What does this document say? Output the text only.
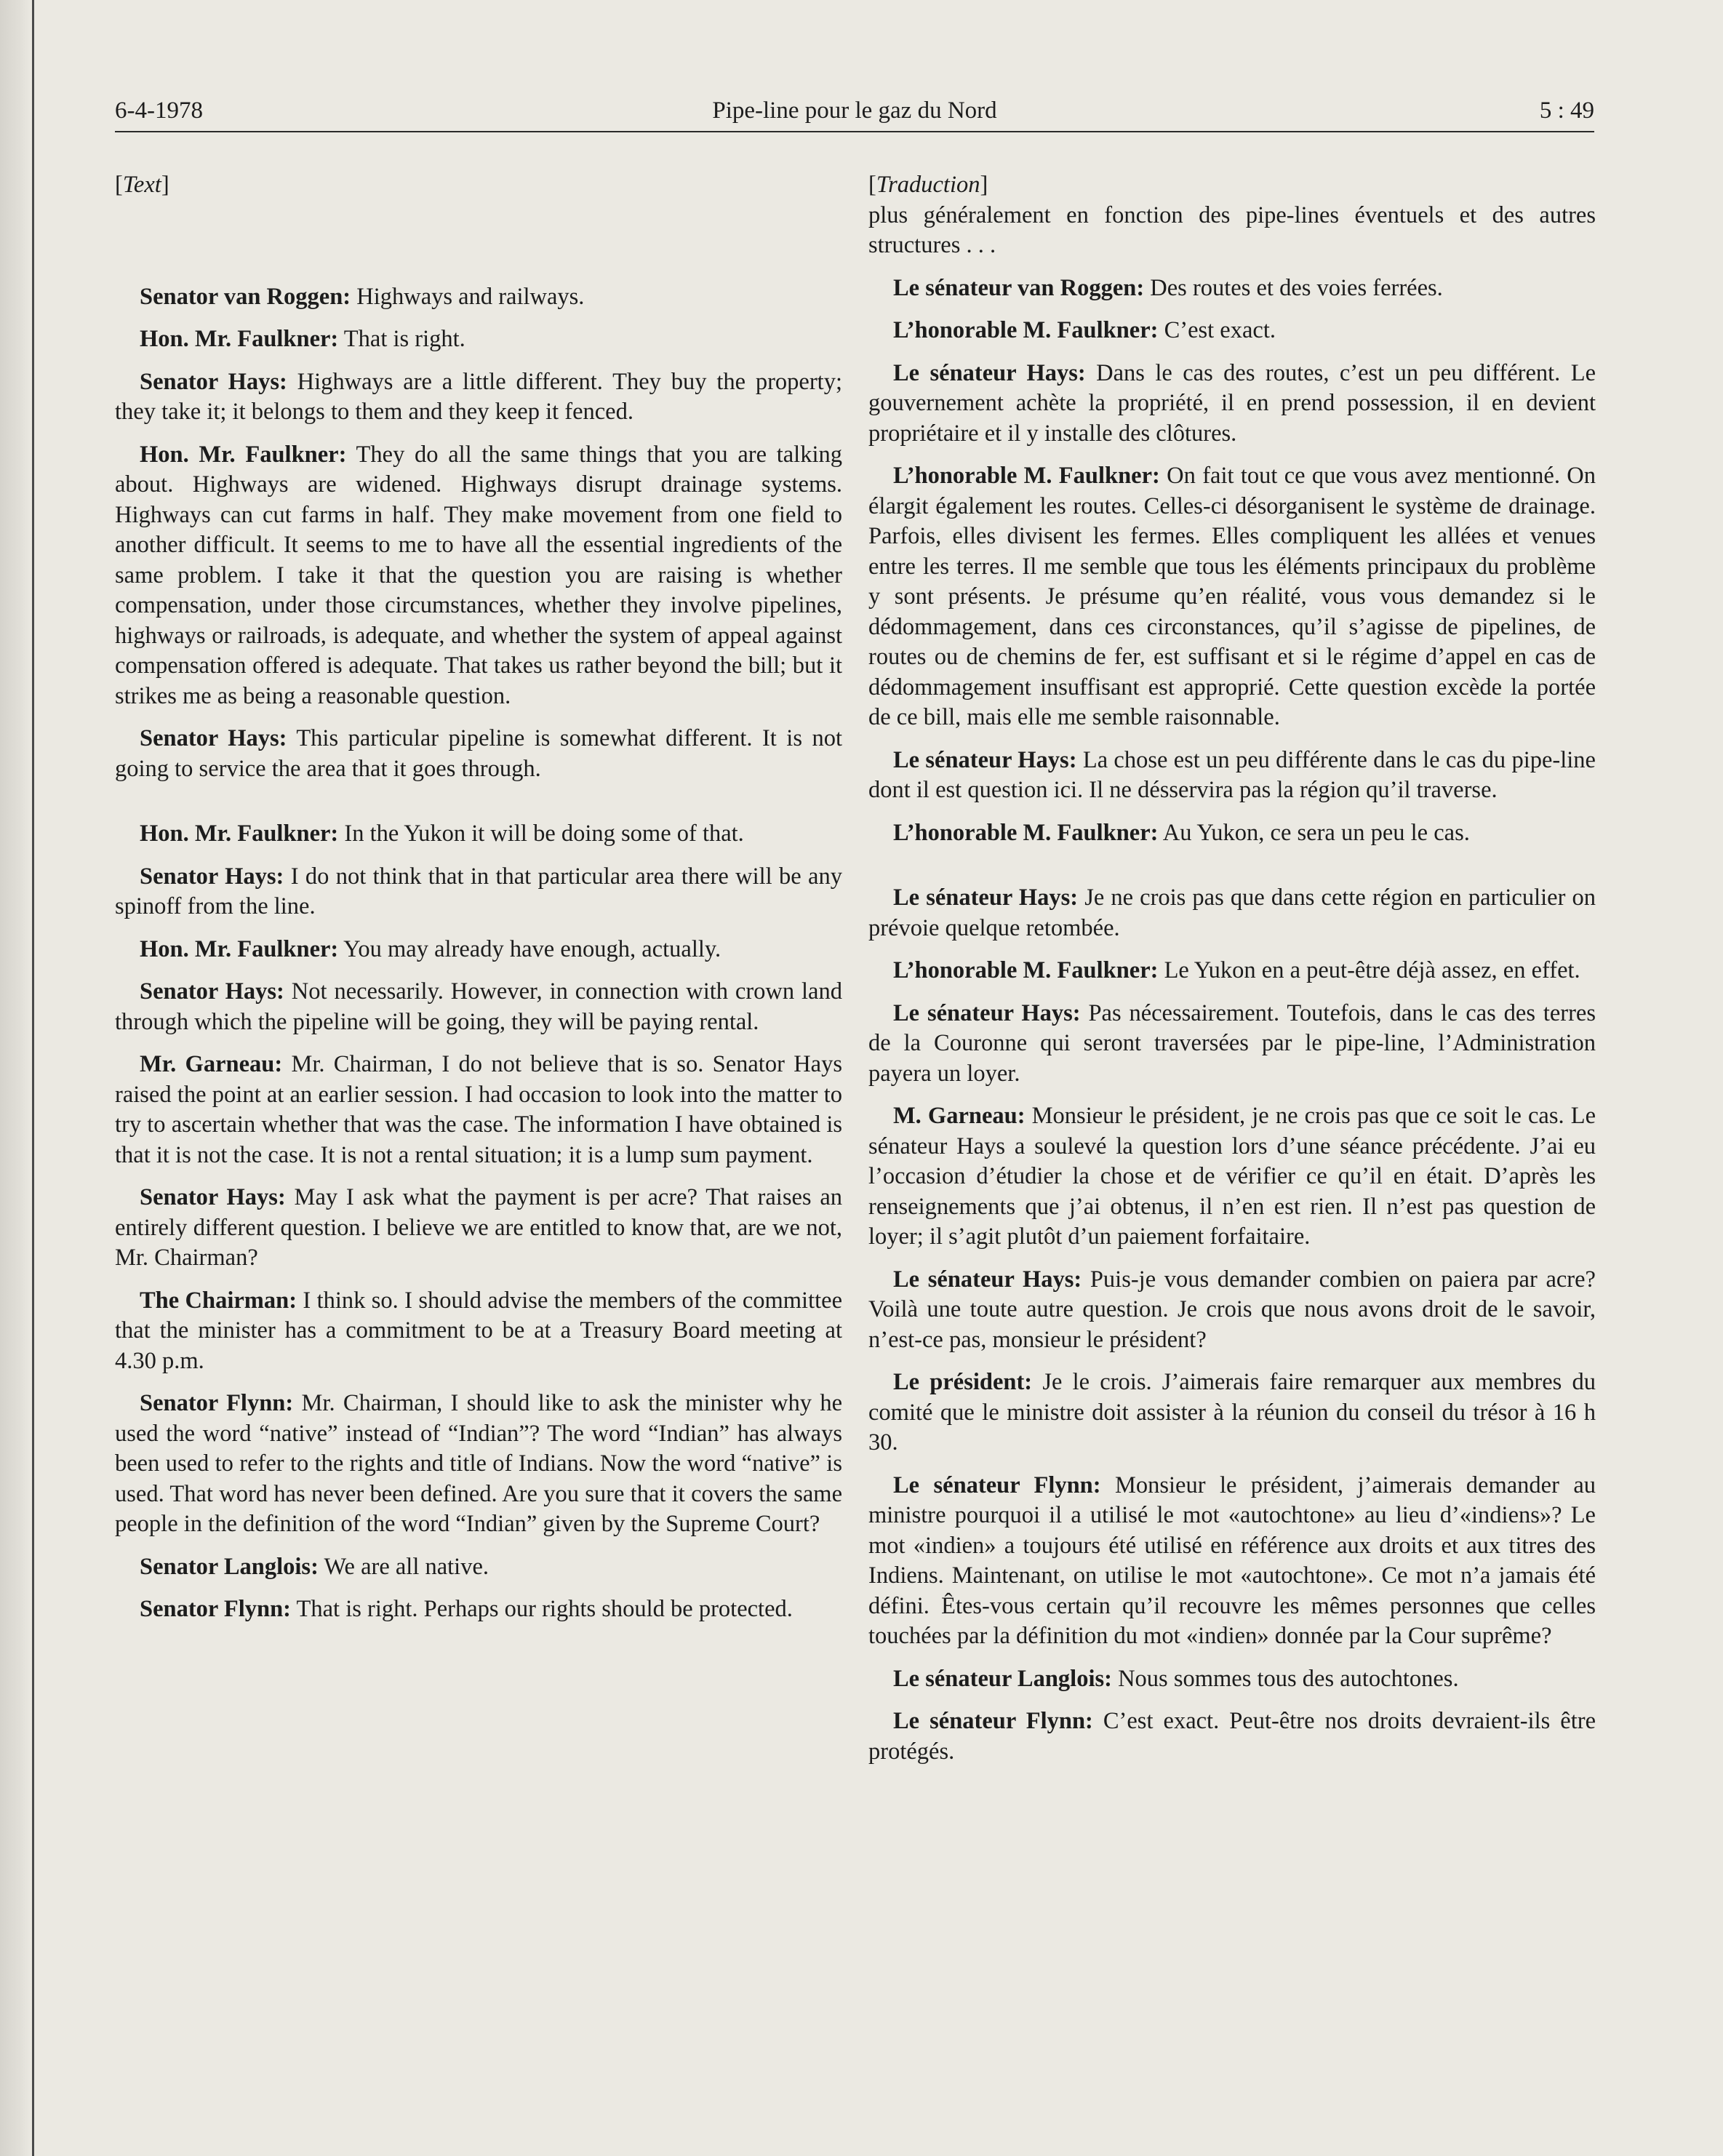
6-4-1978	Pipe-line pour le gaz du Nord	5 : 49

[Text]

Senator van Roggen: Highways and railways.

Hon. Mr. Faulkner: That is right.

Senator Hays: Highways are a little different. They buy the property; they take it; it belongs to them and they keep it fenced.

Hon. Mr. Faulkner: They do all the same things that you are talking about. Highways are widened. Highways disrupt drainage systems. Highways can cut farms in half. They make movement from one field to another difficult. It seems to me to have all the essential ingredients of the same problem. I take it that the question you are raising is whether compensation, under those circumstances, whether they involve pipelines, highways or railroads, is adequate, and whether the system of appeal against compensation offered is adequate. That takes us rather beyond the bill; but it strikes me as being a reasonable question.

Senator Hays: This particular pipeline is somewhat different. It is not going to service the area that it goes through.

Hon. Mr. Faulkner: In the Yukon it will be doing some of that.

Senator Hays: I do not think that in that particular area there will be any spinoff from the line.

Hon. Mr. Faulkner: You may already have enough, actually.

Senator Hays: Not necessarily. However, in connection with crown land through which the pipeline will be going, they will be paying rental.

Mr. Garneau: Mr. Chairman, I do not believe that is so. Senator Hays raised the point at an earlier session. I had occasion to look into the matter to try to ascertain whether that was the case. The information I have obtained is that it is not the case. It is not a rental situation; it is a lump sum payment.

Senator Hays: May I ask what the payment is per acre? That raises an entirely different question. I believe we are entitled to know that, are we not, Mr. Chairman?

The Chairman: I think so. I should advise the members of the committee that the minister has a commitment to be at a Treasury Board meeting at 4.30 p.m.

Senator Flynn: Mr. Chairman, I should like to ask the minister why he used the word “native” instead of “Indian”? The word “Indian” has always been used to refer to the rights and title of Indians. Now the word “native” is used. That word has never been defined. Are you sure that it covers the same people in the definition of the word “Indian” given by the Supreme Court?

Senator Langlois: We are all native.

Senator Flynn: That is right. Perhaps our rights should be protected.

[Traduction]

plus généralement en fonction des pipe-lines éventuels et des autres structures . . .

Le sénateur van Roggen: Des routes et des voies ferrées.

L’honorable M. Faulkner: C’est exact.

Le sénateur Hays: Dans le cas des routes, c’est un peu différent. Le gouvernement achète la propriété, il en prend possession, il en devient propriétaire et il y installe des clôtures.

L’honorable M. Faulkner: On fait tout ce que vous avez mentionné. On élargit également les routes. Celles-ci désorganisent le système de drainage. Parfois, elles divisent les fermes. Elles compliquent les allées et venues entre les terres. Il me semble que tous les éléments principaux du problème y sont présents. Je présume qu’en réalité, vous vous demandez si le dédommagement, dans ces circonstances, qu’il s’agisse de pipelines, de routes ou de chemins de fer, est suffisant et si le régime d’appel en cas de dédommagement insuffisant est approprié. Cette question excède la portée de ce bill, mais elle me semble raisonnable.

Le sénateur Hays: La chose est un peu différente dans le cas du pipe-line dont il est question ici. Il ne désservira pas la région qu’il traverse.

L’honorable M. Faulkner: Au Yukon, ce sera un peu le cas.

Le sénateur Hays: Je ne crois pas que dans cette région en particulier on prévoie quelque retombée.

L’honorable M. Faulkner: Le Yukon en a peut-être déjà assez, en effet.

Le sénateur Hays: Pas nécessairement. Toutefois, dans le cas des terres de la Couronne qui seront traversées par le pipe-line, l’Administration payera un loyer.

M. Garneau: Monsieur le président, je ne crois pas que ce soit le cas. Le sénateur Hays a soulevé la question lors d’une séance précédente. J’ai eu l’occasion d’étudier la chose et de vérifier ce qu’il en était. D’après les renseignements que j’ai obtenus, il n’en est rien. Il n’est pas question de loyer; il s’agit plutôt d’un paiement forfaitaire.

Le sénateur Hays: Puis-je vous demander combien on paiera par acre? Voilà une toute autre question. Je crois que nous avons droit de le savoir, n’est-ce pas, monsieur le président?

Le président: Je le crois. J’aimerais faire remarquer aux membres du comité que le ministre doit assister à la réunion du conseil du trésor à 16 h 30.

Le sénateur Flynn: Monsieur le président, j’aimerais demander au ministre pourquoi il a utilisé le mot «autochtone» au lieu d’«indiens»? Le mot «indien» a toujours été utilisé en référence aux droits et aux titres des Indiens. Maintenant, on utilise le mot «autochtone». Ce mot n’a jamais été défini. Êtes-vous certain qu’il recouvre les mêmes personnes que celles touchées par la définition du mot «indien» donnée par la Cour suprême?

Le sénateur Langlois: Nous sommes tous des autochtones.

Le sénateur Flynn: C’est exact. Peut-être nos droits devraient-ils être protégés.
